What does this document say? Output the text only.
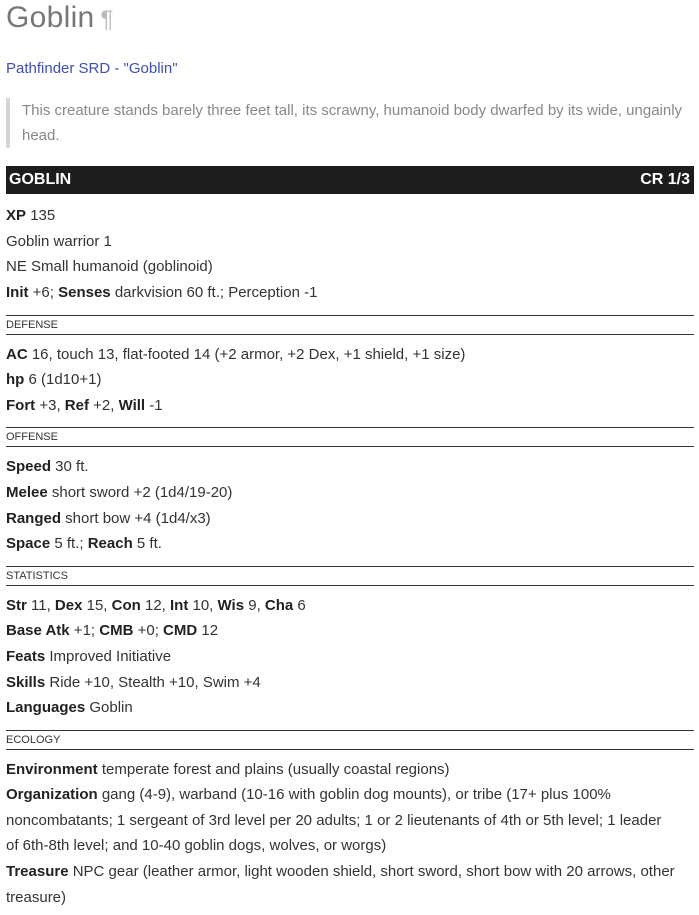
Goblin ¶
Pathfinder SRD - "Goblin"
This creature stands barely three feet tall, its scrawny, humanoid body dwarfed by its wide, ungainly head.
GOBLIN	CR 1/3
XP 135
Goblin warrior 1
NE Small humanoid (goblinoid)
Init +6; Senses darkvision 60 ft.; Perception -1
DEFENSE
AC 16, touch 13, flat-footed 14 (+2 armor, +2 Dex, +1 shield, +1 size)
hp 6 (1d10+1)
Fort +3, Ref +2, Will -1
OFFENSE
Speed 30 ft.
Melee short sword +2 (1d4/19-20)
Ranged short bow +4 (1d4/x3)
Space 5 ft.; Reach 5 ft.
STATISTICS
Str 11, Dex 15, Con 12, Int 10, Wis 9, Cha 6
Base Atk +1; CMB +0; CMD 12
Feats Improved Initiative
Skills Ride +10, Stealth +10, Swim +4
Languages Goblin
ECOLOGY
Environment temperate forest and plains (usually coastal regions)
Organization gang (4-9), warband (10-16 with goblin dog mounts), or tribe (17+ plus 100% noncombatants; 1 sergeant of 3rd level per 20 adults; 1 or 2 lieutenants of 4th or 5th level; 1 leader of 6th-8th level; and 10-40 goblin dogs, wolves, or worgs)
Treasure NPC gear (leather armor, light wooden shield, short sword, short bow with 20 arrows, other treasure)
